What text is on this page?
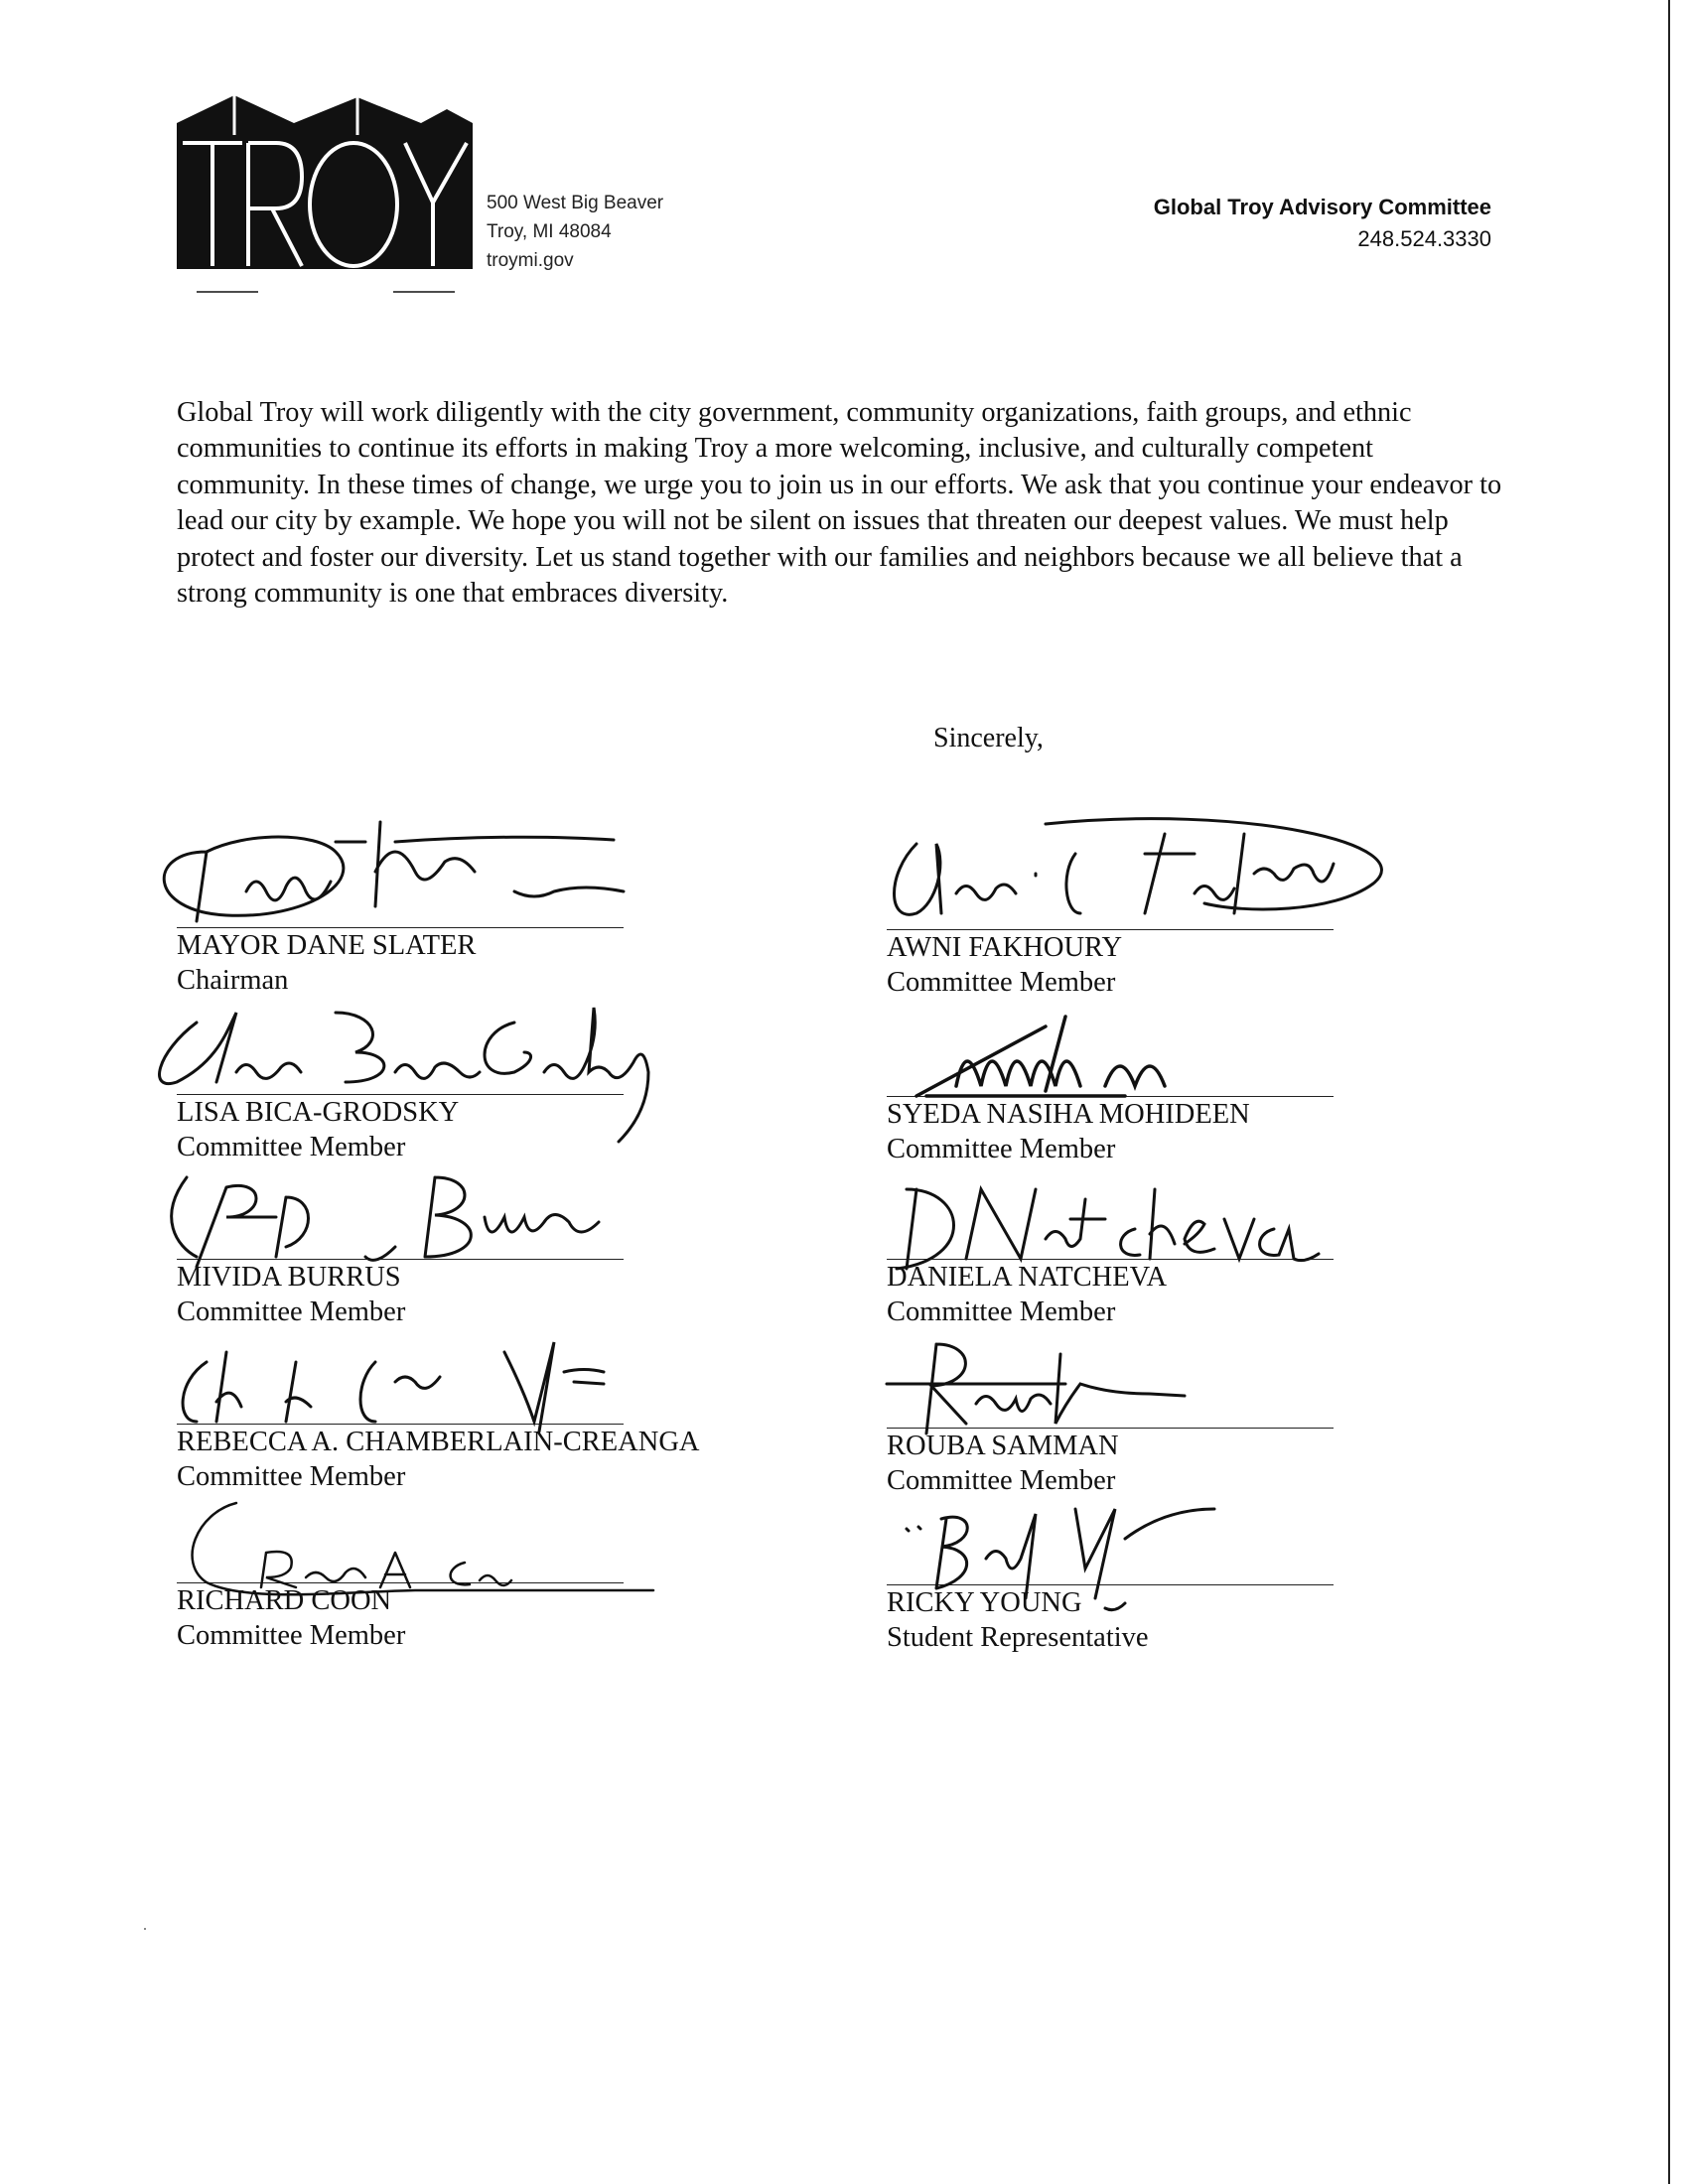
500 West Big Beaver
Troy, MI 48084
troymi.gov
Global Troy Advisory Committee
248.524.3330
Global Troy will work diligently with the city government, community organizations, faith groups, and ethnic communities to continue its efforts in making Troy a more welcoming, inclusive, and culturally competent community. In these times of change, we urge you to join us in our efforts. We ask that you continue your endeavor to lead our city by example. We hope you will not be silent on issues that threaten our deepest values. We must help protect and foster our diversity. Let us stand together with our families and neighbors because we all believe that a strong community is one that embraces diversity.
Sincerely,
MAYOR DANE SLATER
Chairman
LISA BICA-GRODSKY
Committee Member
MIVIDA BURRUS
Committee Member
REBECCA A. CHAMBERLAIN-CREANGA
Committee Member
RICHARD COON
Committee Member
AWNI FAKHOURY
Committee Member
SYEDA NASIHA MOHIDEEN
Committee Member
DANIELA NATCHEVA
Committee Member
ROUBA SAMMAN
Committee Member
RICKY YOUNG
Student Representative
